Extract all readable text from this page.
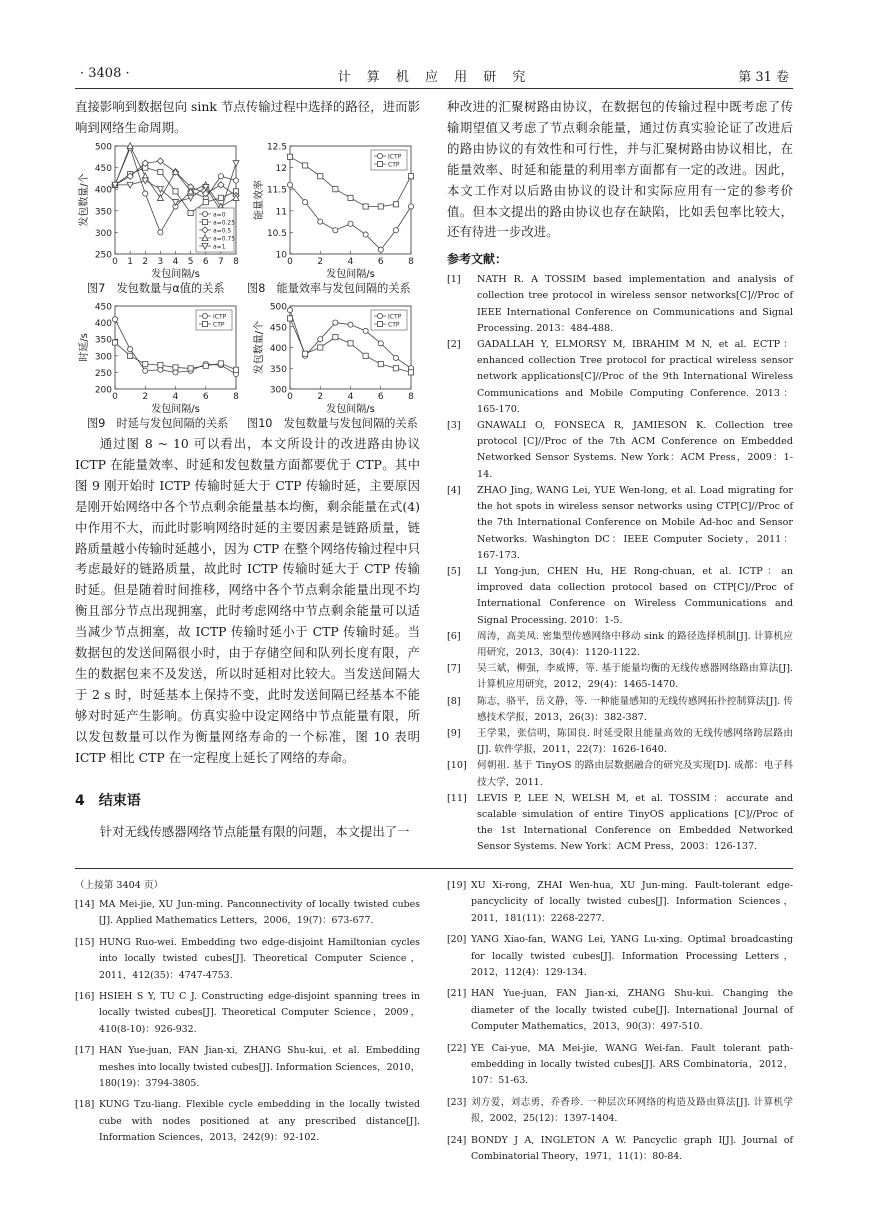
· 3408 ·	计 算 机 应 用 研 究	第 31 卷

直接影响到数据包向 sink 节点传输过程中选择的路径，进而影响到网络生命周期。

250
300
350
400
450
500
0 1 2 3 4 5 6 7 8
发包间隔/s
发包数量/个	a=0
a=0.25
a=0.5
a=0.75
a=1
10
10.5
11
11.5
12
12.5
0	2	4	6	8
发包间隔/s
能量效率
ICTP
CTP
图7　发包数量与α值的关系 图8　能量效率与发包间隔的关系
200
250
300
350
400
450
0	2	4	6	8
发包间隔/s
时延/s
ICTP
CTP
300
350
400
450
500
0	2	4	6	8
发包间隔/s
发包数量/个
ICTP
CTP
图9　时延与发包间隔的关系 图10　发包数量与发包间隔的关系

通过图 8 ~ 10 可以看出，本文所设计的改进路由协议 ICTP 在能量效率、时延和发包数量方面都要优于 CTP。其中图 9 刚开始时 ICTP 传输时延大于 CTP 传输时延，主要原因是刚开始网络中各个节点剩余能量基本均衡，剩余能量在式(4)中作用不大，而此时影响网络时延的主要因素是链路质量，链路质量越小传输时延越小，因为 CTP 在整个网络传输过程中只考虑最好的链路质量，故此时 ICTP 传输时延大于 CTP 传输时延。但是随着时间推移，网络中各个节点剩余能量出现不均衡且部分节点出现拥塞，此时考虑网络中节点剩余能量可以适当减少节点拥塞，故 ICTP 传输时延小于 CTP 传输时延。当数据包的发送间隔很小时，由于存储空间和队列长度有限，产生的数据包来不及发送，所以时延相对比较大。当发送间隔大于 2 s 时，时延基本上保持不变，此时发送间隔已经基本不能够对时延产生影响。仿真实验中设定网络中节点能量有限，所以发包数量可以作为衡量网络寿命的一个标准，图 10 表明 ICTP 相比 CTP 在一定程度上延长了网络的寿命。

4　结束语

针对无线传感器网络节点能量有限的问题，本文提出了一

种改进的汇聚树路由协议，在数据包的传输过程中既考虑了传输期望值又考虑了节点剩余能量，通过仿真实验论证了改进后的路由协议的有效性和可行性，并与汇聚树路由协议相比，在能量效率、时延和能量的利用率方面都有一定的改进。因此，本文工作对以后路由协议的设计和实际应用有一定的参考价值。但本文提出的路由协议也存在缺陷，比如丢包率比较大，还有待进一步改进。

参考文献：

[1] NATH R. A TOSSIM based implementation and analysis of collection tree protocol in wireless sensor networks[C]//Proc of IEEE International Conference on Communications and Signal Processing. 2013：484-488.

[2] GADALLAH Y, ELMORSY M, IBRAHIM M N, et al. ECTP：enhanced collection Tree protocol for practical wireless sensor network applications[C]//Proc of the 9th International Wireless Communications and Mobile Computing Conference. 2013：165-170.

[3] GNAWALI O, FONSECA R, JAMIESON K. Collection tree protocol [C]//Proc of the 7th ACM Conference on Embedded Networked Sensor Systems. New York：ACM Press，2009：1-14.

[4] ZHAO Jing, WANG Lei, YUE Wen-long, et al. Load migrating for the hot spots in wireless sensor networks using CTP[C]//Proc of the 7th International Conference on Mobile Ad-hoc and Sensor Networks. Washington DC：IEEE Computer Society，2011：167-173.

[5] LI Yong-jun, CHEN Hu, HE Rong-chuan, et al. ICTP：an improved data collection protocol based on CTP[C]//Proc of International Conference on Wireless Communications and Signal Processing. 2010：1-5.

[6] 周涛，高美凤. 密集型传感网络中移动 sink 的路径选择机制[J]. 计算机应用研究，2013，30(4)：1120-1122.

[7] 吴三斌，柳强，李威博，等. 基于能量均衡的无线传感器网络路由算法[J]. 计算机应用研究，2012，29(4)：1465-1470.

[8] 陈志，骆平，岳文静，等. 一种能量感知的无线传感网拓扑控制算法[J]. 传感技术学报，2013，26(3)：382-387.

[9] 王学果，张信明，陈国良. 时延受限且能量高效的无线传感网络跨层路由[J]. 软件学报，2011，22(7)：1626-1640.

[10] 何朝祖. 基于 TinyOS 的路由层数据融合的研究及实现[D]. 成都：电子科技大学，2011.

[11] LEVIS P, LEE N, WELSH M, et al. TOSSIM：accurate and scalable simulation of entire TinyOS applications [C]//Proc of the 1st International Conference on Embedded Networked Sensor Systems. New York：ACM Press，2003：126-137.

（上接第 3404 页）

[14] MA Mei-jie, XU Jun-ming. Panconnectivity of locally twisted cubes [J]. Applied Mathematics Letters，2006，19(7)：673-677.

[15] HUNG Ruo-wei. Embedding two edge-disjoint Hamiltonian cycles into locally twisted cubes[J]. Theoretical Computer Science，2011，412(35)：4747-4753.

[16] HSIEH S Y, TU C J. Constructing edge-disjoint spanning trees in locally twisted cubes[J]. Theoretical Computer Science，2009，410(8-10)：926-932.

[17] HAN Yue-juan, FAN Jian-xi, ZHANG Shu-kui, et al. Embedding meshes into locally twisted cubes[J]. Information Sciences，2010，180(19)：3794-3805.

[18] KUNG Tzu-liang. Flexible cycle embedding in the locally twisted cube with nodes positioned at any prescribed distance[J]. Information Sciences，2013，242(9)：92-102.

[19] XU Xi-rong, ZHAI Wen-hua, XU Jun-ming. Fault-tolerant edge-pancyclicity of locally twisted cubes[J]. Information Sciences，2011，181(11)：2268-2277.

[20] YANG Xiao-fan, WANG Lei, YANG Lu-xing. Optimal broadcasting for locally twisted cubes[J]. Information Processing Letters，2012，112(4)：129-134.

[21] HAN Yue-juan, FAN Jian-xi, ZHANG Shu-kui. Changing the diameter of the locally twisted cube[J]. International Journal of Computer Mathematics，2013，90(3)：497-510.

[22] YE Cai-yue, MA Mei-jie, WANG Wei-fan. Fault tolerant path-embedding in locally twisted cubes[J]. ARS Combinatoria，2012，107：51-63.

[23] 刘方爱，刘志勇，乔香珍. 一种层次环网络的构造及路由算法[J]. 计算机学报，2002，25(12)：1397-1404.

[24] BONDY J A, INGLETON A W. Pancyclic graph I[J]. Journal of Combinatorial Theory，1971，11(1)：80-84.
